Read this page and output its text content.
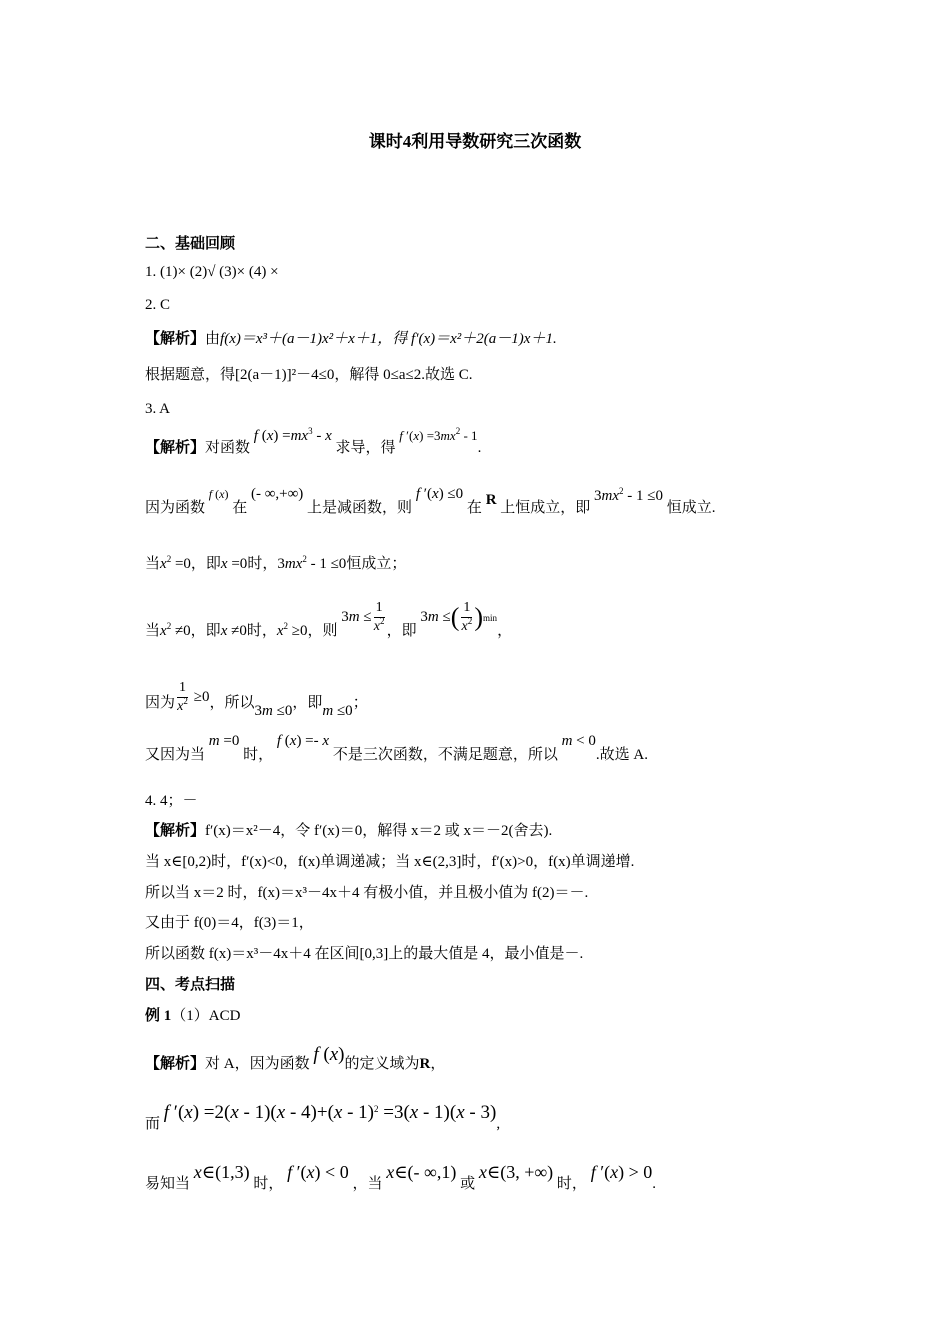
课时4利用导数研究三次函数
二、基础回顾
1. (1)× (2)√ (3)× (4) ×
2. C
【解析】由f(x)＝x³＋(a－1)x²＋x＋1，得 f′(x)＝x²＋2(a－1)x＋1.
根据题意，得[2(a－1)]²－4≤0，解得 0≤a≤2.故选 C.
3. A
【解析】对函数 f $(x) =mx^3 - x$ 求导，得 f $'(x) =3mx^2 - 1$.
因为函数 $^{f (x)}$ 在 (- ∞,+∞) 上是减函数，则 f ′(x) ≤0 在 R 上恒成立，即 $3mx^2 - 1 \le 0$ 恒成立.
当$x^2 =0$，即x =0时，$3mx^2 - 1 \le 0$恒成立；
当$x^2 \ne 0$，即x ≠0时，$x^2 \ge 0$，则 $3m \le \frac{1}{x^2}$ ，即 3m ≤( $\frac{1}{x^2} )\min$，
因为 $\frac{1}{x^2} \ge 0$，所以3m ≤0，即m ≤0；
又因为当 m =0 时， f (x) =- x 不是三次函数，不满足题意，所以 m < 0.故选 A.
4. 4；－
【解析】f′(x)＝x²－4，令 f′(x)＝0，解得 x＝2 或 x＝－2(舍去).
当 x∈[0,2)时，f′(x)<0，f(x)单调递减；当 x∈(2,3]时，f′(x)>0，f(x)单调递增.
所以当 x＝2 时，f(x)＝x³－4x＋4 有极小值，并且极小值为 f(2)＝－.
又由于 f(0)＝4，f(3)＝1，
所以函数 f(x)＝x³－4x＋4 在区间[0,3]上的最大值是 4，最小值是－.
四、考点扫描
例 1（1）ACD
【解析】对 A，因为函数 f (x)的定义域为R，
而 f ′(x) =2(x - 1)(x - 4)+(x - 1)$^2$ =3(x - 1)(x - 3),
易知当 x∈(1,3) 时， f ′(x) < 0 ，当 x∈(- ∞,1) 或 x∈(3, +∞) 时， f ′(x) > 0.
